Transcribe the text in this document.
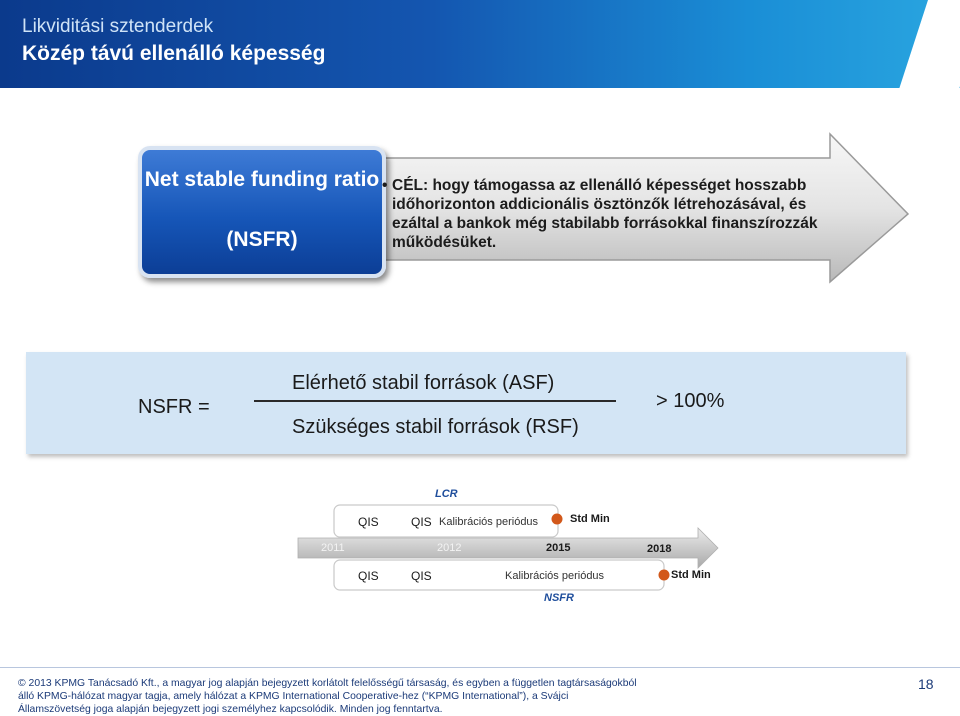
Likviditási sztenderdek
Közép távú ellenálló képesség
Net stable funding ratio
(NSFR)
• CÉL: hogy támogassa az ellenálló képességet hosszabb időhorizonton addicionális ösztönzők létrehozásával, és ezáltal a bankok még stabilabb forrásokkal finanszírozzák működésüket.
NSFR =
Elérhető stabil források (ASF)
Szükséges stabil források (RSF)
> 100%
LCR
QIS	QIS Kalibrációs periódus	Std Min
2011	2012	2015	2018
QIS	QIS	Kalibrációs periódus	Std Min
NSFR
© 2013 KPMG Tanácsadó Kft., a magyar jog alapján bejegyzett korlátolt felelősségű társaság, és egyben a független tagtársaságokból álló KPMG-hálózat magyar tagja, amely hálózat a KPMG International Cooperative-hez (“KPMG International”), a Svájci Államszövetség joga alapján bejegyzett jogi személyhez kapcsolódik. Minden jog fenntartva.
18
